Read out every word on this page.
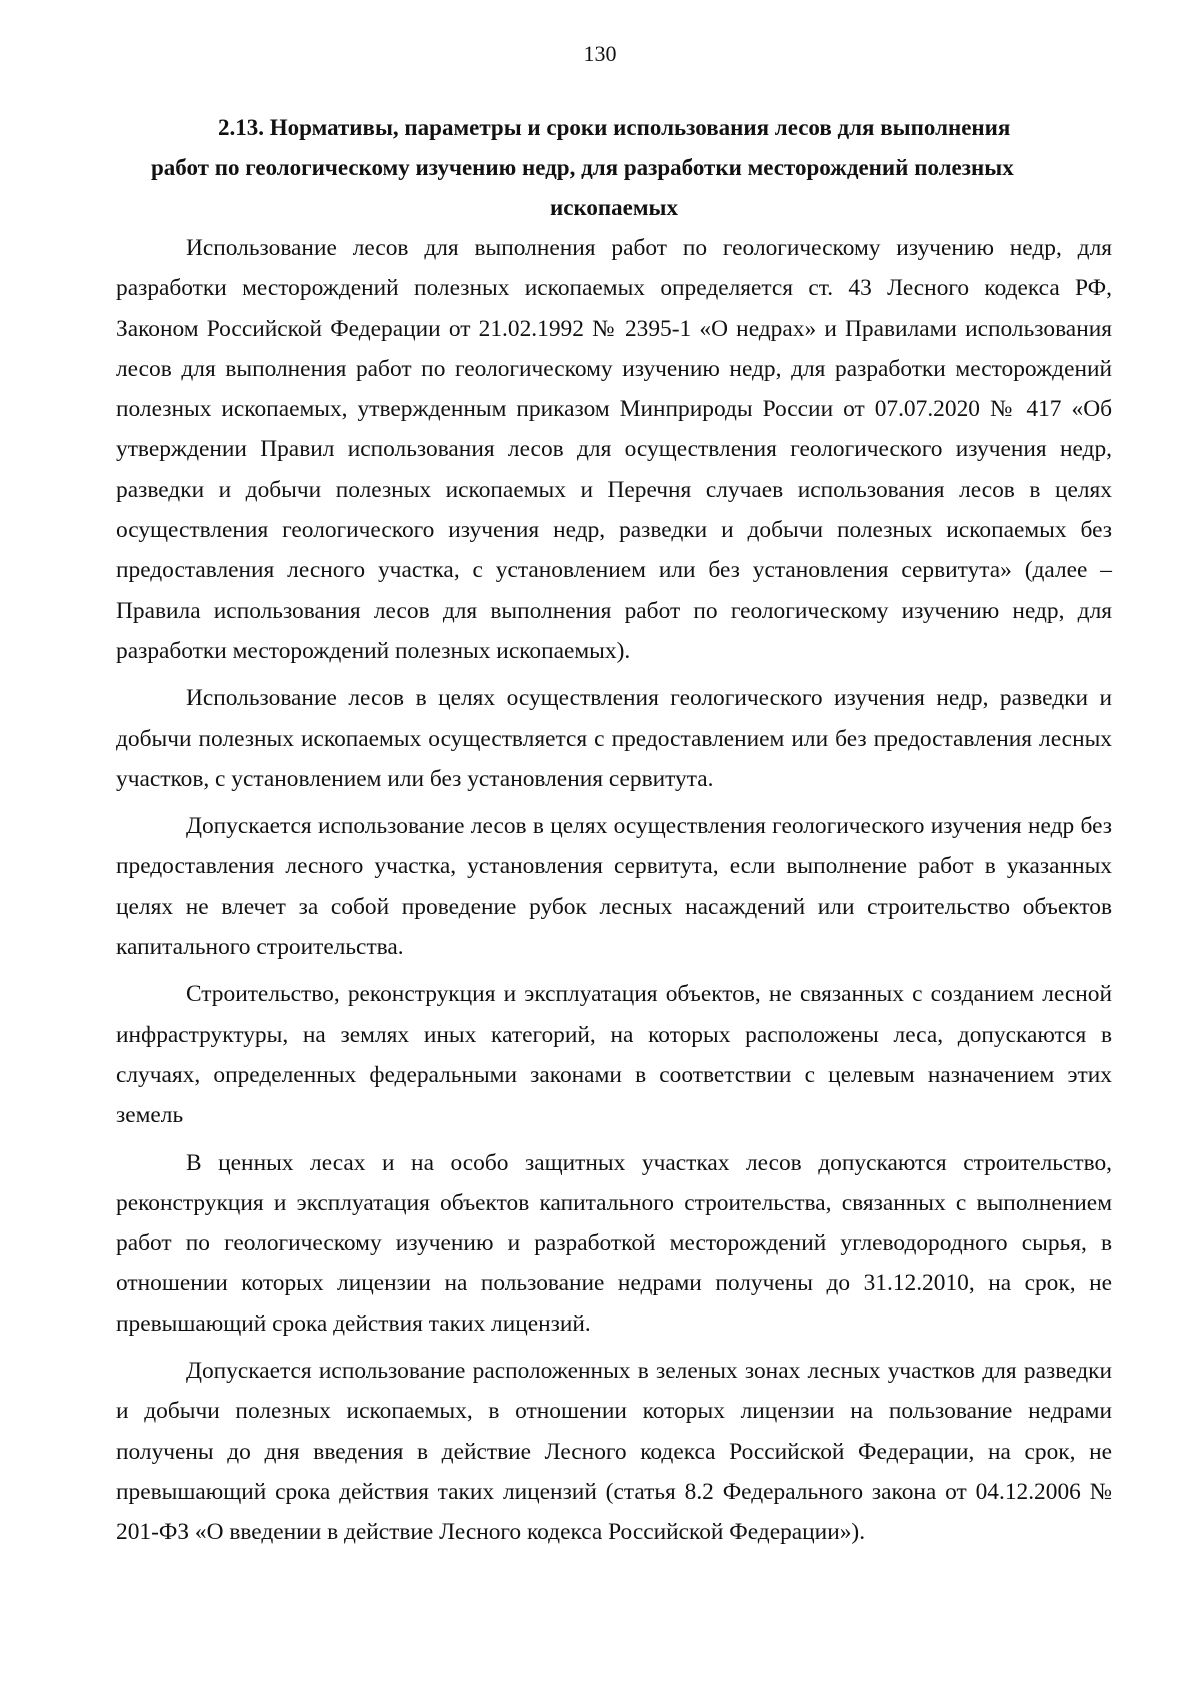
130
2.13. Нормативы, параметры и сроки использования лесов для выполнения
работ по геологическому изучению недр, для разработки месторождений полезных
ископаемых

Использование лесов для выполнения работ по геологическому изучению недр, для разработки месторождений полезных ископаемых определяется ст. 43 Лесного кодекса РФ, Законом Российской Федерации от 21.02.1992 № 2395-1 «О недрах» и Правилами использования лесов для выполнения работ по геологическому изучению недр, для разработки месторождений полезных ископаемых, утвержденным приказом Минприроды России от 07.07.2020 № 417 «Об утверждении Правил использования лесов для осуществления геологического изучения недр, разведки и добычи полезных ископаемых и Перечня случаев использования лесов в целях осуществления геологического изучения недр, разведки и добычи полезных ископаемых без предоставления лесного участка, с установлением или без установления сервитута» (далее – Правила использования лесов для выполнения работ по геологическому изучению недр, для разработки месторождений полезных ископаемых).

Использование лесов в целях осуществления геологического изучения недр, разведки и добычи полезных ископаемых осуществляется с предоставлением или без предоставления лесных участков, с установлением или без установления сервитута.

Допускается использование лесов в целях осуществления геологического изучения недр без предоставления лесного участка, установления сервитута, если выполнение работ в указанных целях не влечет за собой проведение рубок лесных насаждений или строительство объектов капитального строительства.

Строительство, реконструкция и эксплуатация объектов, не связанных с созданием лесной инфраструктуры, на землях иных категорий, на которых расположены леса, допускаются в случаях, определенных федеральными законами в соответствии с целевым назначением этих земель

В ценных лесах и на особо защитных участках лесов допускаются строительство, реконструкция и эксплуатация объектов капитального строительства, связанных с выполнением работ по геологическому изучению и разработкой месторождений углеводородного сырья, в отношении которых лицензии на пользование недрами получены до 31.12.2010, на срок, не превышающий срока действия таких лицензий.

Допускается использование расположенных в зеленых зонах лесных участков для разведки и добычи полезных ископаемых, в отношении которых лицензии на пользование недрами получены до дня введения в действие Лесного кодекса Российской Федерации, на срок, не превышающий срока действия таких лицензий (статья 8.2 Федерального закона от 04.12.2006 № 201-ФЗ «О введении в действие Лесного кодекса Российской Федерации»).
